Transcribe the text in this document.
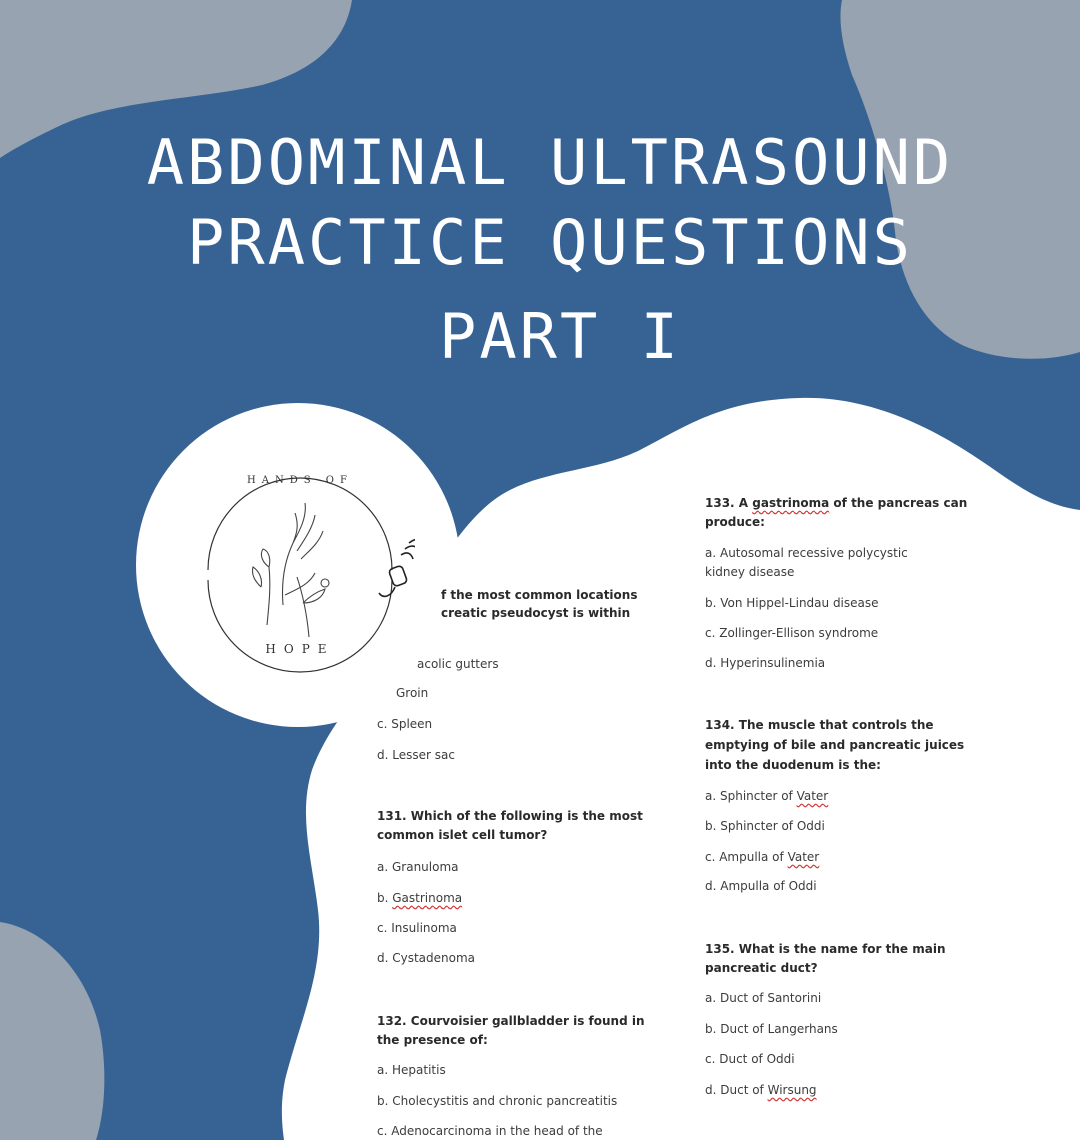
ABDOMINAL ULTRASOUND
PRACTICE QUESTIONS
PART I
HANDS OF
HOPE
f the most common locations
creatic pseudocyst is within
acolic gutters
Groin
c. Spleen
d. Lesser sac
131. Which of the following is the most
common islet cell tumor?
a. Granuloma
b. Gastrinoma
c. Insulinoma
d. Cystadenoma
132. Courvoisier gallbladder is found in
the presence of:
a. Hepatitis
b. Cholecystitis and chronic pancreatitis
c. Adenocarcinoma in the head of the
133. A gastrinoma of the pancreas can
produce:
a. Autosomal recessive polycystic
kidney disease
b. Von Hippel-Lindau disease
c. Zollinger-Ellison syndrome
d. Hyperinsulinemia
134. The muscle that controls the
emptying of bile and pancreatic juices
into the duodenum is the:
a. Sphincter of Vater
b. Sphincter of Oddi
c. Ampulla of Vater
d. Ampulla of Oddi
135. What is the name for the main
pancreatic duct?
a. Duct of Santorini
b. Duct of Langerhans
c. Duct of Oddi
d. Duct of Wirsung
